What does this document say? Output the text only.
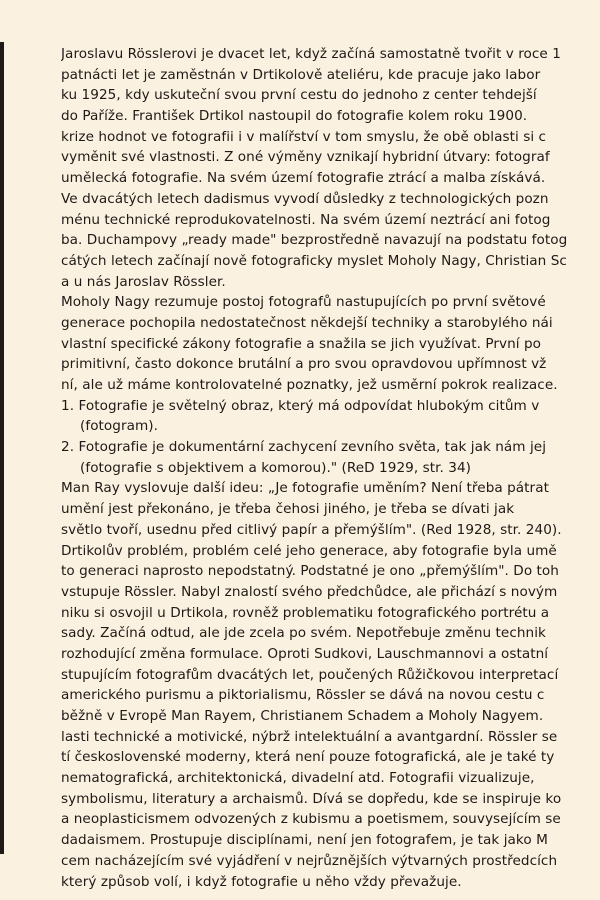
Jaroslavu Rösslerovi je dvacet let, když začíná samostatně tvořit v roce 1
patnácti let je zaměstnán v Drtikolově ateliéru, kde pracuje jako labor
ku 1925, kdy uskuteční svou první cestu do jednoho z center tehdejší
do Paříže. František Drtikol nastoupil do fotografie kolem roku 1900.
krize hodnot ve fotografii i v malířství v tom smyslu, že obě oblasti si c
vyměnit své vlastnosti. Z oné výměny vznikají hybridní útvary: fotograf
umělecká fotografie. Na svém území fotografie ztrácí a malba získává.
Ve dvacátých letech dadismus vyvodí důsledky z technologických pozn
ménu technické reprodukovatelnosti. Na svém území neztrácí ani fotog
ba. Duchampovy „ready made" bezprostředně navazují na podstatu fotog
cátých letech začínají nově fotograficky myslet Moholy Nagy, Christian Sc
a u nás Jaroslav Rössler.
Moholy Nagy rezumuje postoj fotografů nastupujících po první světové
generace pochopila nedostatečnost někdejší techniky a starobylého nái
vlastní specifické zákony fotografie a snažila se jich využívat. První po
primitivní, často dokonce brutální a pro svou opravdovou upřímnost vž
ní, ale už máme kontrolovatelné poznatky, jež usměrní pokrok realizace.
1. Fotografie je světelný obraz, který má odpovídat hlubokým citům v
(fotogram).
2. Fotografie je dokumentární zachycení zevního světa, tak jak nám jej
(fotografie s objektivem a komorou)." (ReD 1929, str. 34)
Man Ray vyslovuje další ideu: „Je fotografie uměním? Není třeba pátrat
umění jest překonáno, je třeba čehosi jiného, je třeba se dívati jak
světlo tvoří, usednu před citlivý papír a přemýšlím". (Red 1928, str. 240).
Drtikolův problém, problém celé jeho generace, aby fotografie byla umě
to generaci naprosto nepodstatný. Podstatné je ono „přemýšlím". Do toh
vstupuje Rössler. Nabyl znalostí svého předchůdce, ale přichází s novým
niku si osvojil u Drtikola, rovněž problematiku fotografického portrétu a
sady. Začíná odtud, ale jde zcela po svém. Nepotřebuje změnu technik
rozhodující změna formulace. Oproti Sudkovi, Lauschmannovi a ostatní
stupujícím fotografům dvacátých let, poučených Růžičkovou interpretací
amerického purismu a piktorialismu, Rössler se dává na novou cestu c
běžně v Evropě Man Rayem, Christianem Schadem a Moholy Nagyem.
lasti technické a motivické, nýbrž intelektuální a avantgardní. Rössler se
tí československé moderny, která není pouze fotografická, ale je také ty
nematografická, architektonická, divadelní atd. Fotografii vizualizuje,
symbolismu, literatury a archaismů. Dívá se dopředu, kde se inspiruje ko
a neoplasticismem odvozených z kubismu a poetismem, souvysejícím se
dadaismem. Prostupuje disciplínami, není jen fotografem, je tak jako M
cem nacházejícím své vyjádření v nejrůznějších výtvarných prostředcích
který způsob volí, i když fotografie u něho vždy převažuje.
